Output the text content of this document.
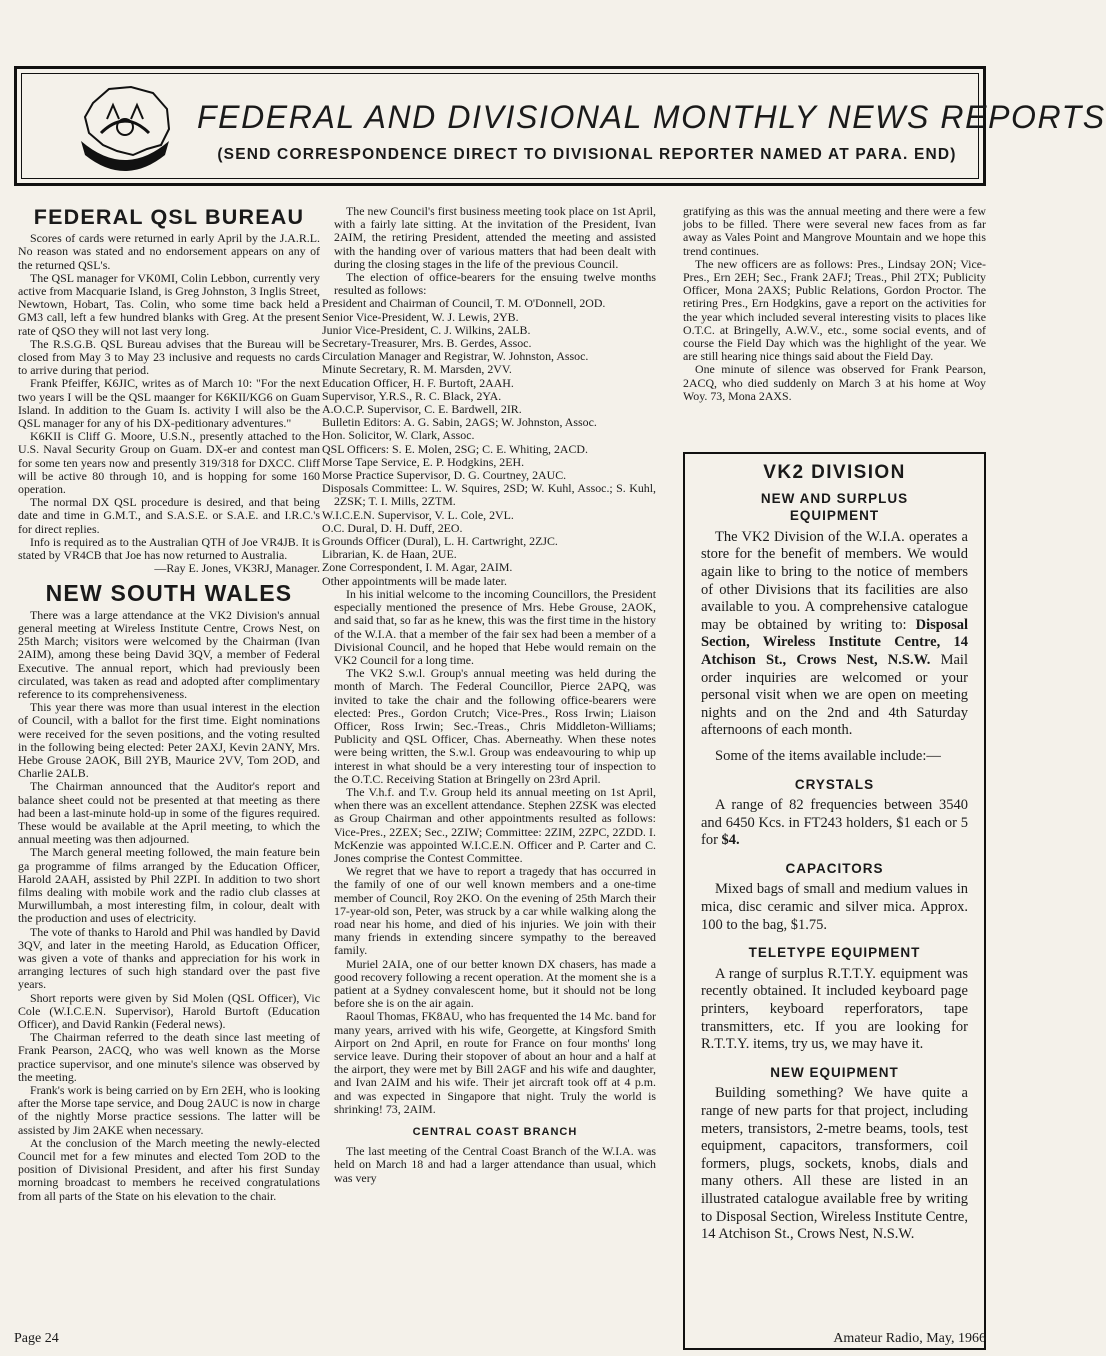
FEDERAL AND DIVISIONAL MONTHLY NEWS REPORTS
(SEND CORRESPONDENCE DIRECT TO DIVISIONAL REPORTER NAMED AT PARA. END)
FEDERAL QSL BUREAU

Scores of cards were returned in early April by the J.A.R.L. No reason was stated and no endorsement appears on any of the returned QSL's.

The QSL manager for VK0MI, Colin Lebbon, currently very active from Macquarie Island, is Greg Johnston, 3 Inglis Street, Newtown, Hobart, Tas. Colin, who some time back held a GM3 call, left a few hundred blanks with Greg. At the present rate of QSO they will not last very long.

The R.S.G.B. QSL Bureau advises that the Bureau will be closed from May 3 to May 23 inclusive and requests no cards to arrive during that period.

Frank Pfeiffer, K6JIC, writes as of March 10: "For the next two years I will be the QSL maanger for K6KII/KG6 on Guam Island. In addition to the Guam Is. activity I will also be the QSL manager for any of his DX-peditionary adventures."

K6KII is Cliff G. Moore, U.S.N., presently attached to the U.S. Naval Security Group on Guam. DX-er and contest man for some ten years now and presently 319/318 for DXCC. Cliff will be active 80 through 10, and is hopping for some 160 operation.

The normal DX QSL procedure is desired, and that being date and time in G.M.T., and S.A.S.E. or S.A.E. and I.R.C.'s for direct replies.

Info is required as to the Australian QTH of Joe VR4JB. It is stated by VR4CB that Joe has now returned to Australia.

—Ray E. Jones, VK3RJ, Manager.

NEW SOUTH WALES

There was a large attendance at the VK2 Division's annual general meeting at Wireless Institute Centre, Crows Nest, on 25th March; visitors were welcomed by the Chairman (Ivan 2AIM), among these being David 3QV, a member of Federal Executive. The annual report, which had previously been circulated, was taken as read and adopted after complimentary reference to its comprehensiveness.

This year there was more than usual interest in the election of Council, with a ballot for the first time. Eight nominations were received for the seven positions, and the voting resulted in the following being elected: Peter 2AXJ, Kevin 2ANY, Mrs. Hebe Grouse 2AOK, Bill 2YB, Maurice 2VV, Tom 2OD, and Charlie 2ALB.

The Chairman announced that the Auditor's report and balance sheet could not be presented at that meeting as there had been a last-minute hold-up in some of the figures required. These would be available at the April meeting, to which the annual meeting was then adjourned.

The March general meeting followed, the main feature bein ga programme of films arranged by the Education Officer, Harold 2AAH, assisted by Phil 2ZPI. In addition to two short films dealing with mobile work and the radio club classes at Murwillumbah, a most interesting film, in colour, dealt with the production and uses of electricity.

The vote of thanks to Harold and Phil was handled by David 3QV, and later in the meeting Harold, as Education Officer, was given a vote of thanks and appreciation for his work in arranging lectures of such high standard over the past five years.

Short reports were given by Sid Molen (QSL Officer), Vic Cole (W.I.C.E.N. Supervisor), Harold Burtoft (Education Officer), and David Rankin (Federal news).

The Chairman referred to the death since last meeting of Frank Pearson, 2ACQ, who was well known as the Morse practice supervisor, and one minute's silence was observed by the meeting.

Frank's work is being carried on by Ern 2EH, who is looking after the Morse tape service, and Doug 2AUC is now in charge of the nightly Morse practice sessions. The latter will be assisted by Jim 2AKE when necessary.

At the conclusion of the March meeting the newly-elected Council met for a few minutes and elected Tom 2OD to the position of Divisional President, and after his first Sunday morning broadcast to members he received congratulations from all parts of the State on his elevation to the chair.

The new Council's first business meeting took place on 1st April, with a fairly late sitting. At the invitation of the President, Ivan 2AIM, the retiring President, attended the meeting and assisted with the handing over of various matters that had been dealt with during the closing stages in the life of the previous Council.

The election of office-bearers for the ensuing twelve months resulted as follows:

President and Chairman of Council, T. M. O'Donnell, 2OD.

Senior Vice-President, W. J. Lewis, 2YB.

Junior Vice-President, C. J. Wilkins, 2ALB.

Secretary-Treasurer, Mrs. B. Gerdes, Assoc.

Circulation Manager and Registrar, W. Johnston, Assoc.

Minute Secretary, R. M. Marsden, 2VV.

Education Officer, H. F. Burtoft, 2AAH.

Supervisor, Y.R.S., R. C. Black, 2YA.

A.O.C.P. Supervisor, C. E. Bardwell, 2IR.

Bulletin Editors: A. G. Sabin, 2AGS; W. Johnston, Assoc.

Hon. Solicitor, W. Clark, Assoc.

QSL Officers: S. E. Molen, 2SG; C. E. Whiting, 2ACD.

Morse Tape Service, E. P. Hodgkins, 2EH.

Morse Practice Supervisor, D. G. Courtney, 2AUC.

Disposals Committee: L. W. Squires, 2SD; W. Kuhl, Assoc.; S. Kuhl, 2ZSK; T. I. Mills, 2ZTM.

W.I.C.E.N. Supervisor, V. L. Cole, 2VL.

O.C. Dural, D. H. Duff, 2EO.

Grounds Officer (Dural), L. H. Cartwright, 2ZJC.

Librarian, K. de Haan, 2UE.

Zone Correspondent, I. M. Agar, 2AIM.

Other appointments will be made later.

In his initial welcome to the incoming Councillors, the President especially mentioned the presence of Mrs. Hebe Grouse, 2AOK, and said that, so far as he knew, this was the first time in the history of the W.I.A. that a member of the fair sex had been a member of a Divisional Council, and he hoped that Hebe would remain on the VK2 Council for a long time.

The VK2 S.w.l. Group's annual meeting was held during the month of March. The Federal Councillor, Pierce 2APQ, was invited to take the chair and the following office-bearers were elected: Pres., Gordon Crutch; Vice-Pres., Ross Irwin; Liaison Officer, Ross Irwin; Sec.-Treas., Chris Middleton-Williams; Publicity and QSL Officer, Chas. Aberneathy. When these notes were being written, the S.w.l. Group was endeavouring to whip up interest in what should be a very interesting tour of inspection to the O.T.C. Receiving Station at Bringelly on 23rd April.

The V.h.f. and T.v. Group held its annual meeting on 1st April, when there was an excellent attendance. Stephen 2ZSK was elected as Group Chairman and other appointments resulted as follows: Vice-Pres., 2ZEX; Sec., 2ZIW; Committee: 2ZIM, 2ZPC, 2ZDD. I. McKenzie was appointed W.I.C.E.N. Officer and P. Carter and C. Jones comprise the Contest Committee.

We regret that we have to report a tragedy that has occurred in the family of one of our well known members and a one-time member of Council, Roy 2KO. On the evening of 25th March their 17-year-old son, Peter, was struck by a car while walking along the road near his home, and died of his injuries. We join with their many friends in extending sincere sympathy to the bereaved family.

Muriel 2AIA, one of our better known DX chasers, has made a good recovery following a recent operation. At the moment she is a patient at a Sydney convalescent home, but it should not be long before she is on the air again.

Raoul Thomas, FK8AU, who has frequented the 14 Mc. band for many years, arrived with his wife, Georgette, at Kingsford Smith Airport on 2nd April, en route for France on four months' long service leave. During their stopover of about an hour and a half at the airport, they were met by Bill 2AGF and his wife and daughter, and Ivan 2AIM and his wife. Their jet aircraft took off at 4 p.m. and was expected in Singapore that night. Truly the world is shrinking! 73, 2AIM.

CENTRAL COAST BRANCH

The last meeting of the Central Coast Branch of the W.I.A. was held on March 18 and had a larger attendance than usual, which was very

gratifying as this was the annual meeting and there were a few jobs to be filled. There were several new faces from as far away as Vales Point and Mangrove Mountain and we hope this trend continues.

The new officers are as follows: Pres., Lindsay 2ON; Vice-Pres., Ern 2EH; Sec., Frank 2AFJ; Treas., Phil 2TX; Publicity Officer, Mona 2AXS; Public Relations, Gordon Proctor. The retiring Pres., Ern Hodgkins, gave a report on the activities for the year which included several interesting visits to places like O.T.C. at Bringelly, A.W.V., etc., some social events, and of course the Field Day which was the highlight of the year. We are still hearing nice things said about the Field Day.

One minute of silence was observed for Frank Pearson, 2ACQ, who died suddenly on March 3 at his home at Woy Woy. 73, Mona 2AXS.

VK2 DIVISION
NEW AND SURPLUS
EQUIPMENT

The VK2 Division of the W.I.A. operates a store for the benefit of members. We would again like to bring to the notice of members of other Divisions that its facilities are also available to you. A comprehensive catalogue may be obtained by writing to: Disposal Section, Wireless Institute Centre, 14 Atchison St., Crows Nest, N.S.W. Mail order inquiries are welcomed or your personal visit when we are open on meeting nights and on the 2nd and 4th Saturday afternoons of each month.

Some of the items available include:—

CRYSTALS

A range of 82 frequencies between 3540 and 6450 Kcs. in FT243 holders, $1 each or 5 for $4.

CAPACITORS

Mixed bags of small and medium values in mica, disc ceramic and silver mica. Approx. 100 to the bag, $1.75.

TELETYPE EQUIPMENT

A range of surplus R.T.T.Y. equipment was recently obtained. It included keyboard page printers, keyboard reperforators, tape transmitters, etc. If you are looking for R.T.T.Y. items, try us, we may have it.

NEW EQUIPMENT

Building something? We have quite a range of new parts for that project, including meters, transistors, 2-metre beams, tools, test equipment, capacitors, transformers, coil formers, plugs, sockets, knobs, dials and many others. All these are listed in an illustrated catalogue available free by writing to Disposal Section, Wireless Institute Centre, 14 Atchison St., Crows Nest, N.S.W.

Page 24	Amateur Radio, May, 1966
